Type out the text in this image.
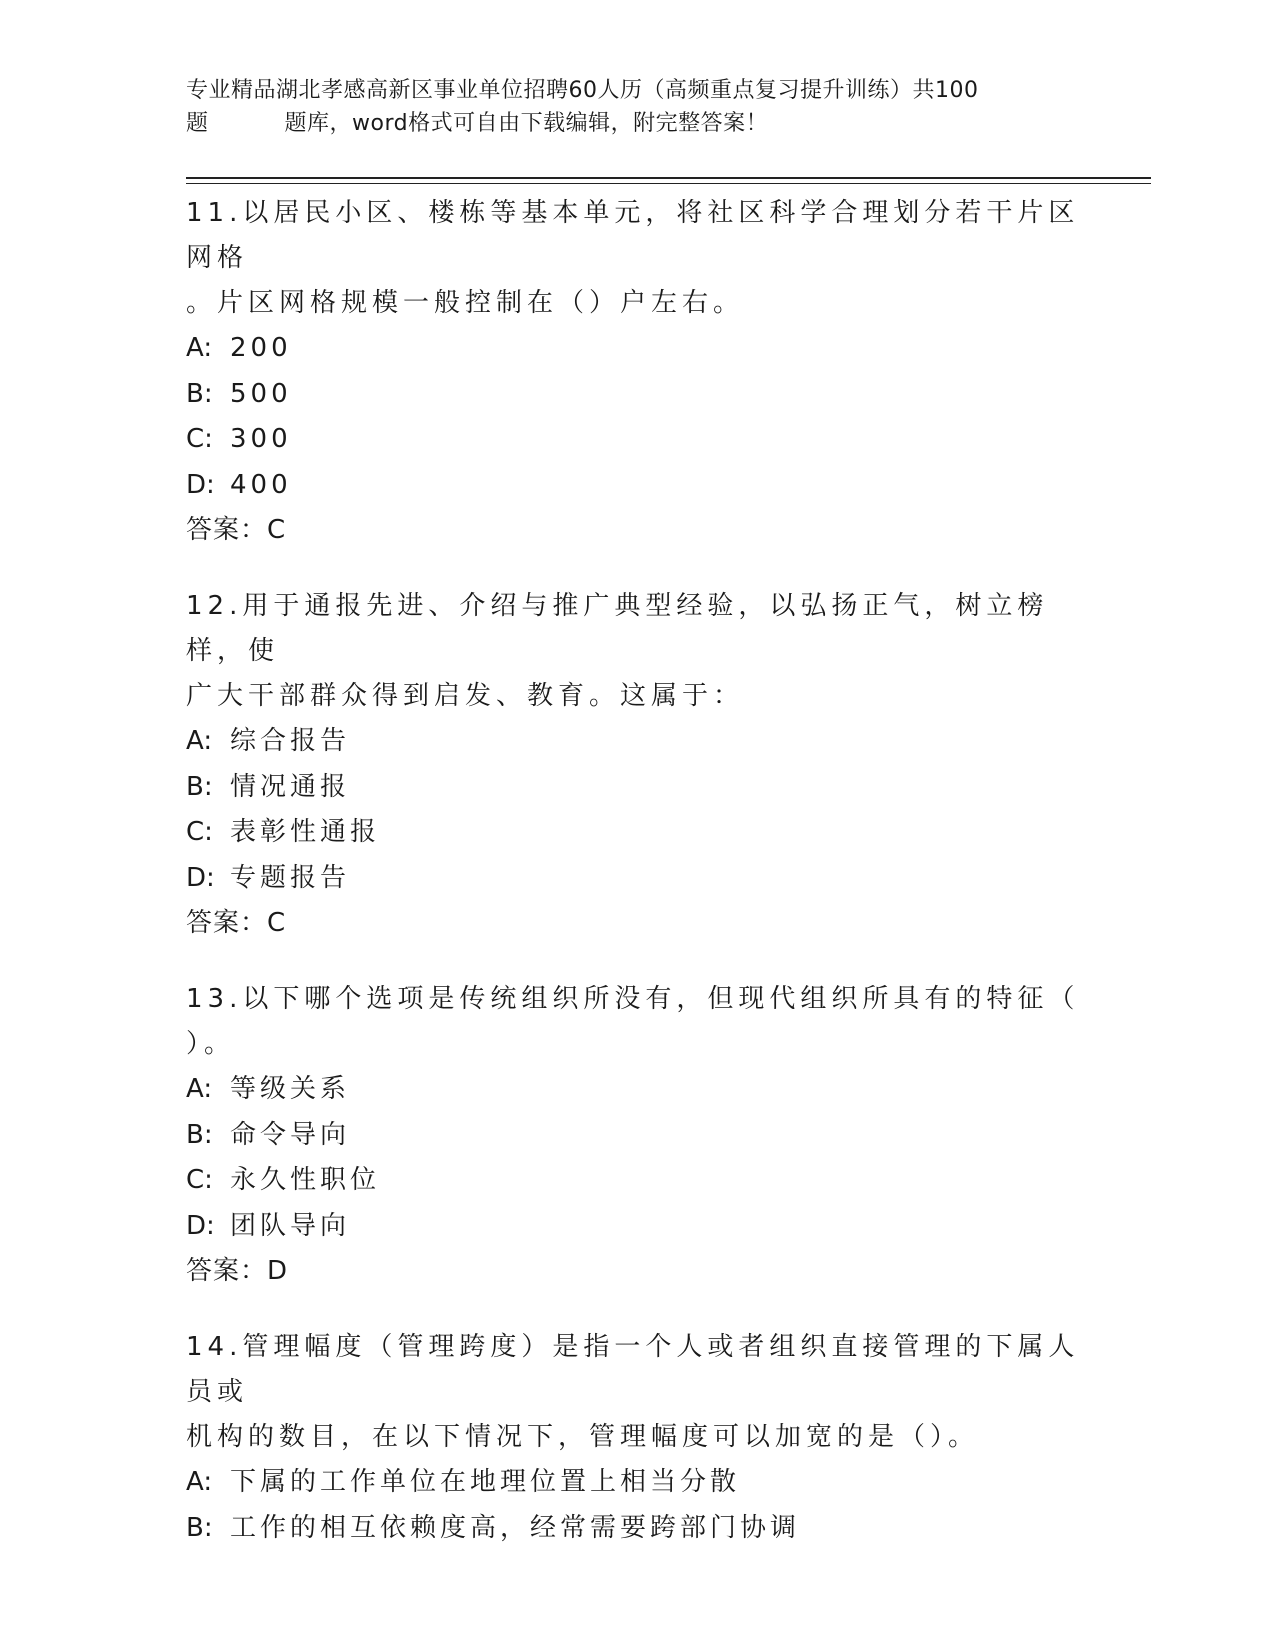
专业精品湖北孝感高新区事业单位招聘60人历（高频重点复习提升训练）共100
题	题库，word格式可自由下载编辑，附完整答案！
11.以居民小区、楼栋等基本单元，将社区科学合理划分若干片区网格
。片区网格规模一般控制在（）户左右。
A: 200
B: 500
C: 300
D: 400
答案：C
12.用于通报先进、介绍与推广典型经验，以弘扬正气，树立榜样，使
广大干部群众得到启发、教育。这属于：
A: 综合报告
B: 情况通报
C: 表彰性通报
D: 专题报告
答案：C
13.以下哪个选项是传统组织所没有，但现代组织所具有的特征（
）。
A: 等级关系
B: 命令导向
C: 永久性职位
D: 团队导向
答案：D
14.管理幅度（管理跨度）是指一个人或者组织直接管理的下属人员或
机构的数目，在以下情况下，管理幅度可以加宽的是（）。
A: 下属的工作单位在地理位置上相当分散
B: 工作的相互依赖度高，经常需要跨部门协调
